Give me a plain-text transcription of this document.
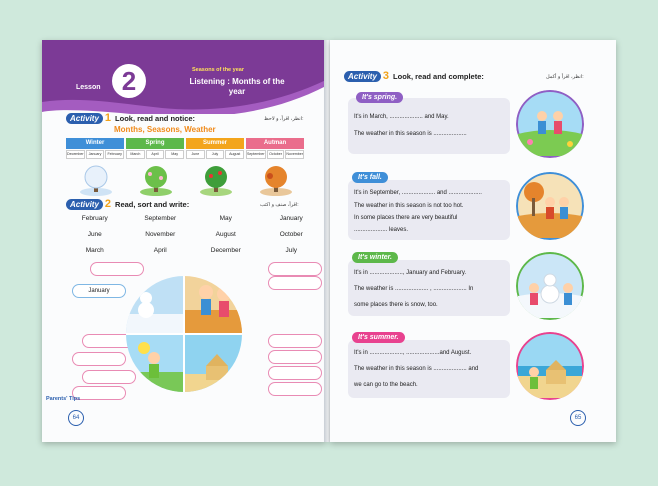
Lesson 2	Seasons of the year
Listening : Months of the year
Activity 1 Look, read and notice:	انظر، اقرأ، و لاحظ:
Months, Seasons, Weather
Winter
December	January	February
Spring
March	April	May
Summer
June	July	August
Autman
September	October	November
Activity 2 Read, sort and write:	اقرأ، صنف و اكتب:
February	September	May	January
June	November	August	October
March	April	December	July
January
Parents' Tips
64
Activity 3 Look, read and complete:	انظر، اقرأ و أكمل:
It's spring.
It's in March, .................... and May.
The weather in this season is ....................
It's fall.
It's in September, .................... and ....................
The weather in this season is not too hot.
In some places there are very beautiful
.................... leaves.
It's winter.
It's in ...................., January and February.
The weather is .................... , .................... In
some places there is snow, too.
It's summer.
It's in ...................., ....................and August.
The weather in this season is .................... and
we can go to the beach.
65
